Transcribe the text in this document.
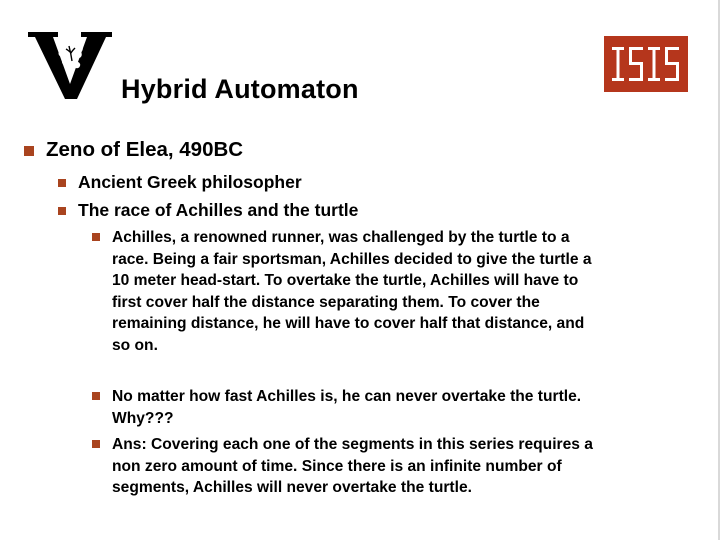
Hybrid Automaton
Zeno of Elea, 490BC
Ancient Greek philosopher
The race of Achilles and the turtle
Achilles, a renowned runner, was challenged by the turtle to a
race. Being a fair sportsman, Achilles decided to give the turtle a
10 meter head-start. To overtake the turtle, Achilles will have to
first cover half the distance separating them. To cover the
remaining distance, he will have to cover half that distance, and
so on.
No matter how fast Achilles is, he can never overtake the turtle.
Why???
Ans: Covering each one of the segments in this series requires a
non zero amount of time. Since there is an infinite number of
segments, Achilles will never overtake the turtle.
